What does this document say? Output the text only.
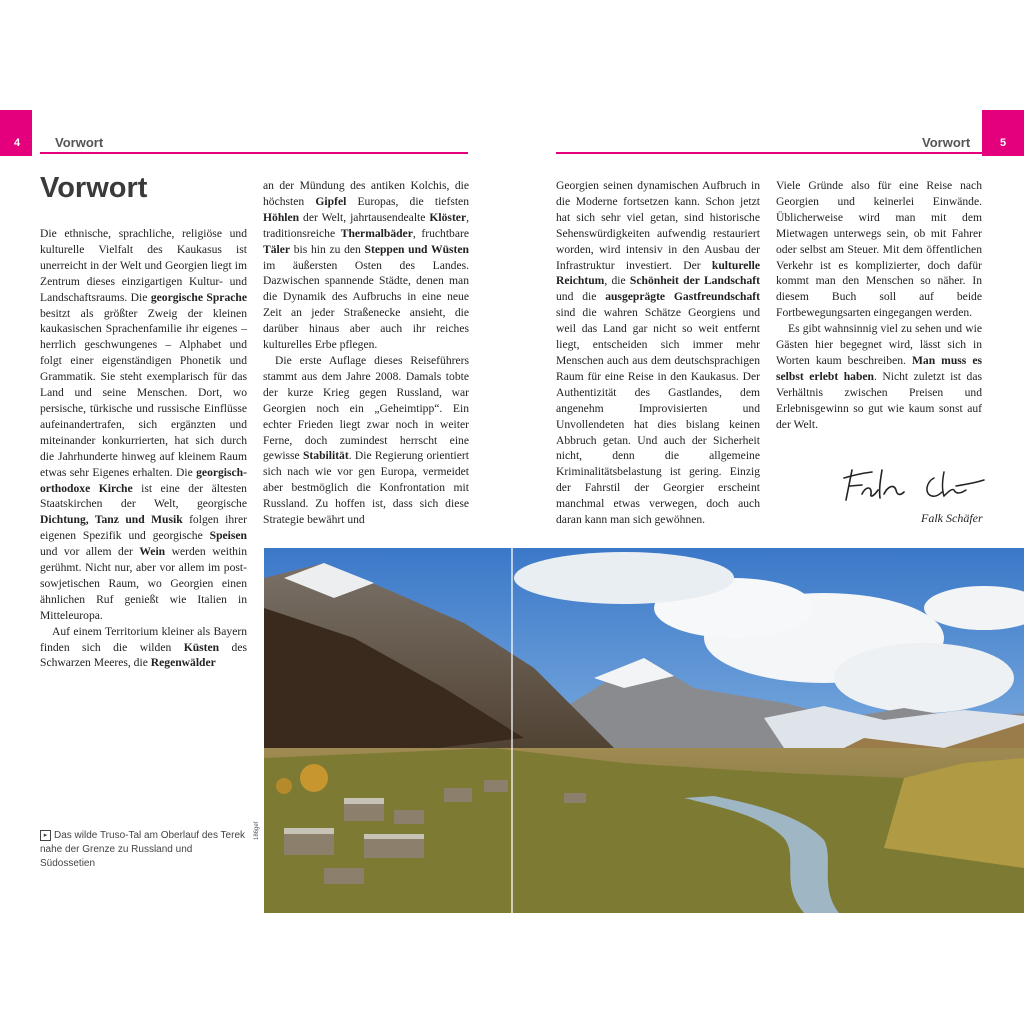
4	Vorwort	5
Vorwort
Vorwort

Die ethnische, sprachliche, religiöse und kulturelle Vielfalt des Kaukasus ist unerreicht in der Welt und Georgien liegt im Zentrum dieses einzigartigen Kultur- und Landschaftsraums. Die georgische Sprache besitzt als größter Zweig der kleinen kaukasischen Sprachenfamilie ihr eigenes – herrlich geschwungenes – Alphabet und folgt einer eigenständigen Phonetik und Grammatik. Sie steht exemplarisch für das Land und seine Menschen. Dort, wo persische, türkische und russische Einflüsse aufeinandertrafen, sich ergänzten und miteinander konkurrierten, hat sich durch die Jahrhunderte hinweg auf kleinem Raum etwas sehr Eigenes erhalten. Die georgisch-orthodoxe Kirche ist eine der ältesten Staatskirchen der Welt, georgische Dichtung, Tanz und Musik folgen ihrer eigenen Spezifik und georgische Speisen und vor allem der Wein werden weithin gerühmt. Nicht nur, aber vor allem im post-sowjetischen Raum, wo Georgien einen ähnlichen Ruf genießt wie Italien in Mitteleuropa.

Auf einem Territorium kleiner als Bayern finden sich die wilden Küsten des Schwarzen Meeres, die Regenwälder

an der Mündung des antiken Kolchis, die höchsten Gipfel Europas, die tiefsten Höhlen der Welt, jahrtausendealte Klöster, traditionsreiche Thermalbäder, fruchtbare Täler bis hin zu den Steppen und Wüsten im äußersten Osten des Landes. Dazwischen spannende Städte, denen man die Dynamik des Aufbruchs in eine neue Zeit an jeder Straßenecke ansieht, die darüber hinaus aber auch ihr reiches kulturelles Erbe pflegen.

Die erste Auflage dieses Reiseführers stammt aus dem Jahre 2008. Damals tobte der kurze Krieg gegen Russland, war Georgien noch ein „Geheimtipp“. Ein echter Frieden liegt zwar noch in weiter Ferne, doch zumindest herrscht eine gewisse Stabilität. Die Regierung orientiert sich nach wie vor gen Europa, vermeidet aber bestmöglich die Konfrontation mit Russland. Zu hoffen ist, dass sich diese Strategie bewährt und

Georgien seinen dynamischen Aufbruch in die Moderne fortsetzen kann. Schon jetzt hat sich sehr viel getan, sind historische Sehenswürdigkeiten aufwendig restauriert worden, wird intensiv in den Ausbau der Infrastruktur investiert. Der kulturelle Reichtum, die Schönheit der Landschaft und die ausgeprägte Gastfreundschaft sind die wahren Schätze Georgiens und weil das Land gar nicht so weit entfernt liegt, entscheiden sich immer mehr Menschen auch aus dem deutschsprachigen Raum für eine Reise in den Kaukasus. Der Authentizität des Gastlandes, dem angenehm Improvisierten und Unvollendeten hat dies bislang keinen Abbruch getan. Und auch der Sicherheit nicht, denn die allgemeine Kriminalitätsbelastung ist gering. Einzig der Fahrstil der Georgier erscheint manchmal etwas verwegen, doch auch daran kann man sich gewöhnen.

Viele Gründe also für eine Reise nach Georgien und keinerlei Einwände. Üblicherweise wird man mit dem Mietwagen unterwegs sein, ob mit Fahrer oder selbst am Steuer. Mit dem öffentlichen Verkehr ist es komplizierter, doch dafür kommt man den Menschen so näher. In diesem Buch soll auf beide Fortbewegungsarten eingegangen werden.

Es gibt wahnsinnig viel zu sehen und wie Gästen hier begegnet wird, lässt sich in Worten kaum beschreiben. Man muss es selbst erlebt haben. Nicht zuletzt ist das Verhältnis zwischen Preisen und Erlebnisgewinn so gut wie kaum sonst auf der Welt.

Falk Schäfer
▸ Das wilde Truso-Tal am Oberlauf des Terek nahe der Grenze zu Russland und Südossetien
186gef
